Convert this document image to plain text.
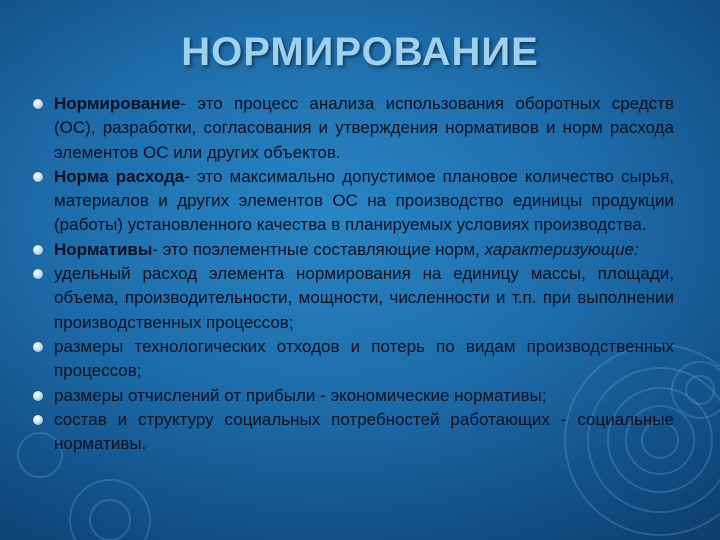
НОРМИРОВАНИЕ
Нормирование- это процесс анализа использования оборотных средств (ОС), разработки, согласования и утверждения нормативов и норм расхода элементов ОС или других объектов.
Норма расхода- это максимально допустимое плановое количество сырья, материалов и других элементов ОС на производство единицы продукции (работы) установленного качества в планируемых условиях производства.
Нормативы- это поэлементные составляющие норм, характеризующие:
удельный расход элемента нормирования на единицу массы, площади, объема, производительности, мощности, численности и т.п. при выполнении производственных процессов;
размеры технологических отходов и потерь по видам производственных процессов;
размеры отчислений от прибыли - экономические нормативы;
состав и структуру социальных потребностей работающих - социальные нормативы.
